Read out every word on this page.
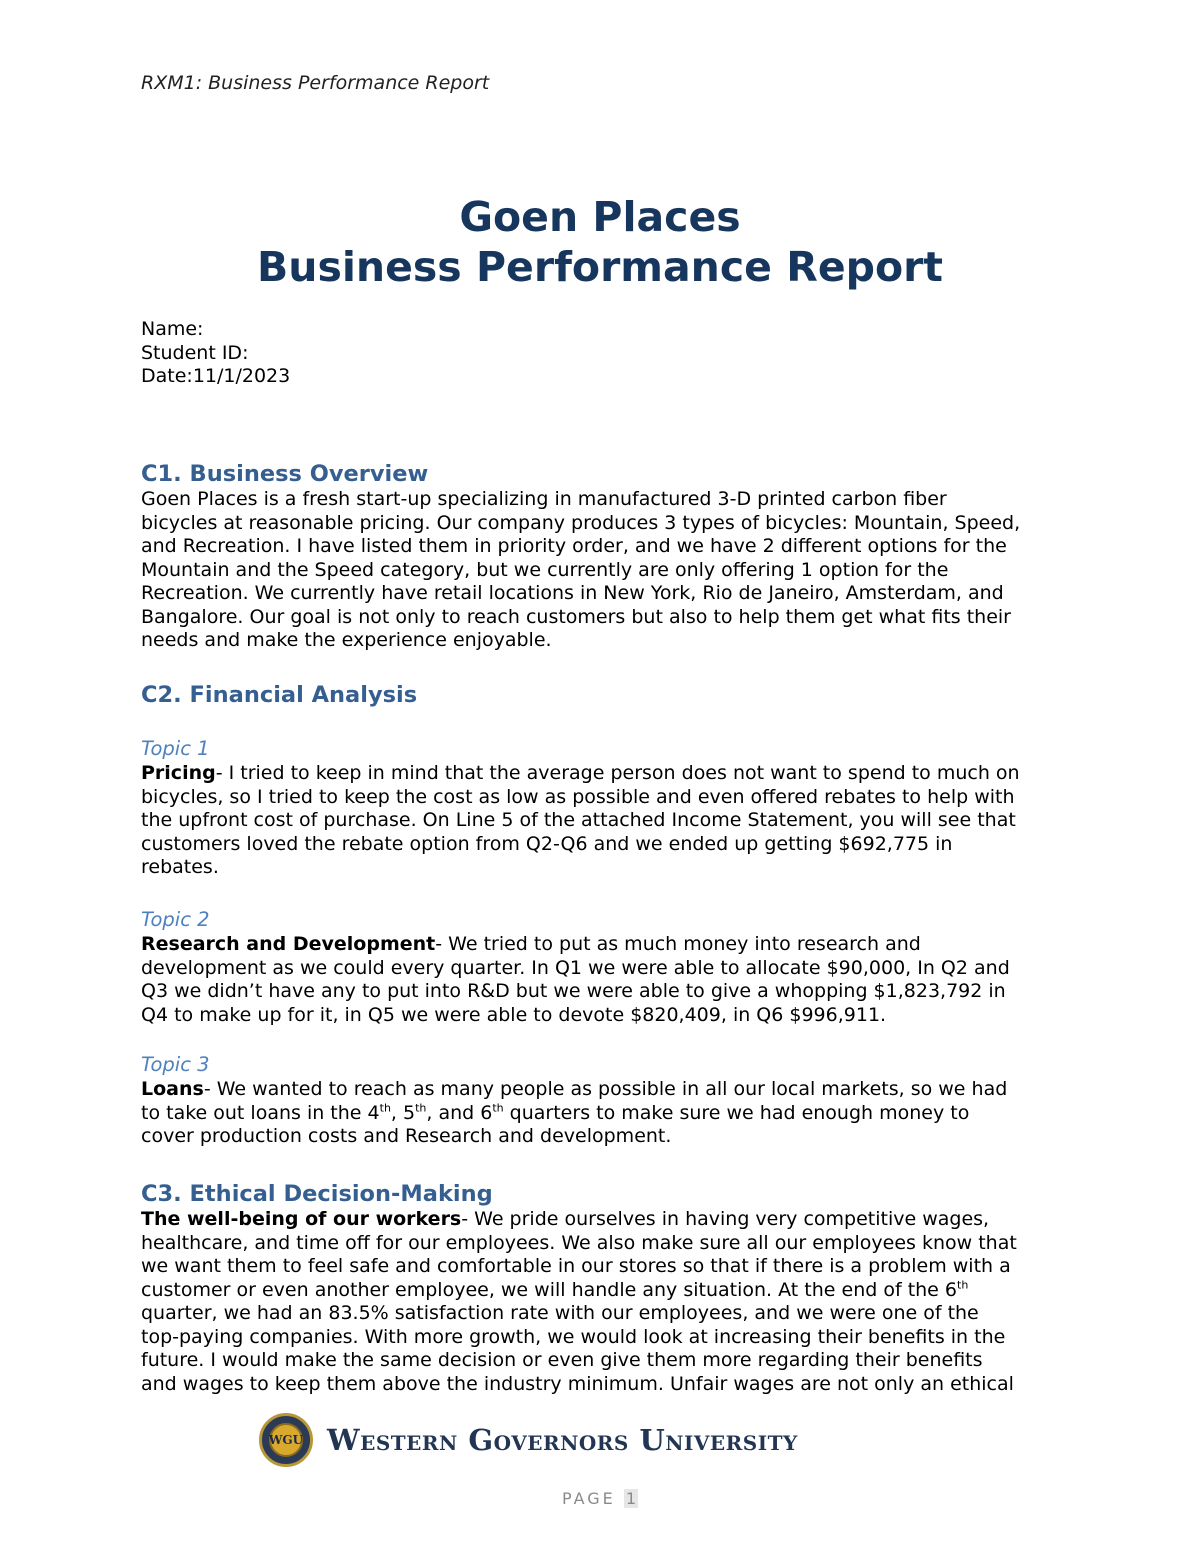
RXM1: Business Performance Report
Goen Places
Business Performance Report
Name:
Student ID:
Date:11/1/2023
C1. Business Overview

Goen Places is a fresh start-up specializing in manufactured 3-D printed carbon fiber

bicycles at reasonable pricing. Our company produces 3 types of bicycles: Mountain, Speed,

and Recreation. I have listed them in priority order, and we have 2 different options for the

Mountain and the Speed category, but we currently are only offering 1 option for the

Recreation. We currently have retail locations in New York, Rio de Janeiro, Amsterdam, and

Bangalore. Our goal is not only to reach customers but also to help them get what fits their

needs and make the experience enjoyable.

C2. Financial Analysis
Topic 1

Pricing- I tried to keep in mind that the average person does not want to spend to much on

bicycles, so I tried to keep the cost as low as possible and even offered rebates to help with

the upfront cost of purchase. On Line 5 of the attached Income Statement, you will see that

customers loved the rebate option from Q2-Q6 and we ended up getting $692,775 in

rebates.

Topic 2

Research and Development- We tried to put as much money into research and

development as we could every quarter. In Q1 we were able to allocate $90,000, In Q2 and

Q3 we didn’t have any to put into R&D but we were able to give a whopping $1,823,792 in

Q4 to make up for it, in Q5 we were able to devote $820,409, in Q6 $996,911.

Topic 3

Loans- We wanted to reach as many people as possible in all our local markets, so we had

to take out loans in the 4th, 5th, and 6th quarters to make sure we had enough money to

cover production costs and Research and development.

C3. Ethical Decision-Making

The well-being of our workers- We pride ourselves in having very competitive wages,

healthcare, and time off for our employees. We also make sure all our employees know that

we want them to feel safe and comfortable in our stores so that if there is a problem with a

customer or even another employee, we will handle any situation. At the end of the 6th

quarter, we had an 83.5% satisfaction rate with our employees, and we were one of the

top-paying companies. With more growth, we would look at increasing their benefits in the

future. I would make the same decision or even give them more regarding their benefits

and wages to keep them above the industry minimum. Unfair wages are not only an ethical

WGU Western Governors University
PAGE 1
